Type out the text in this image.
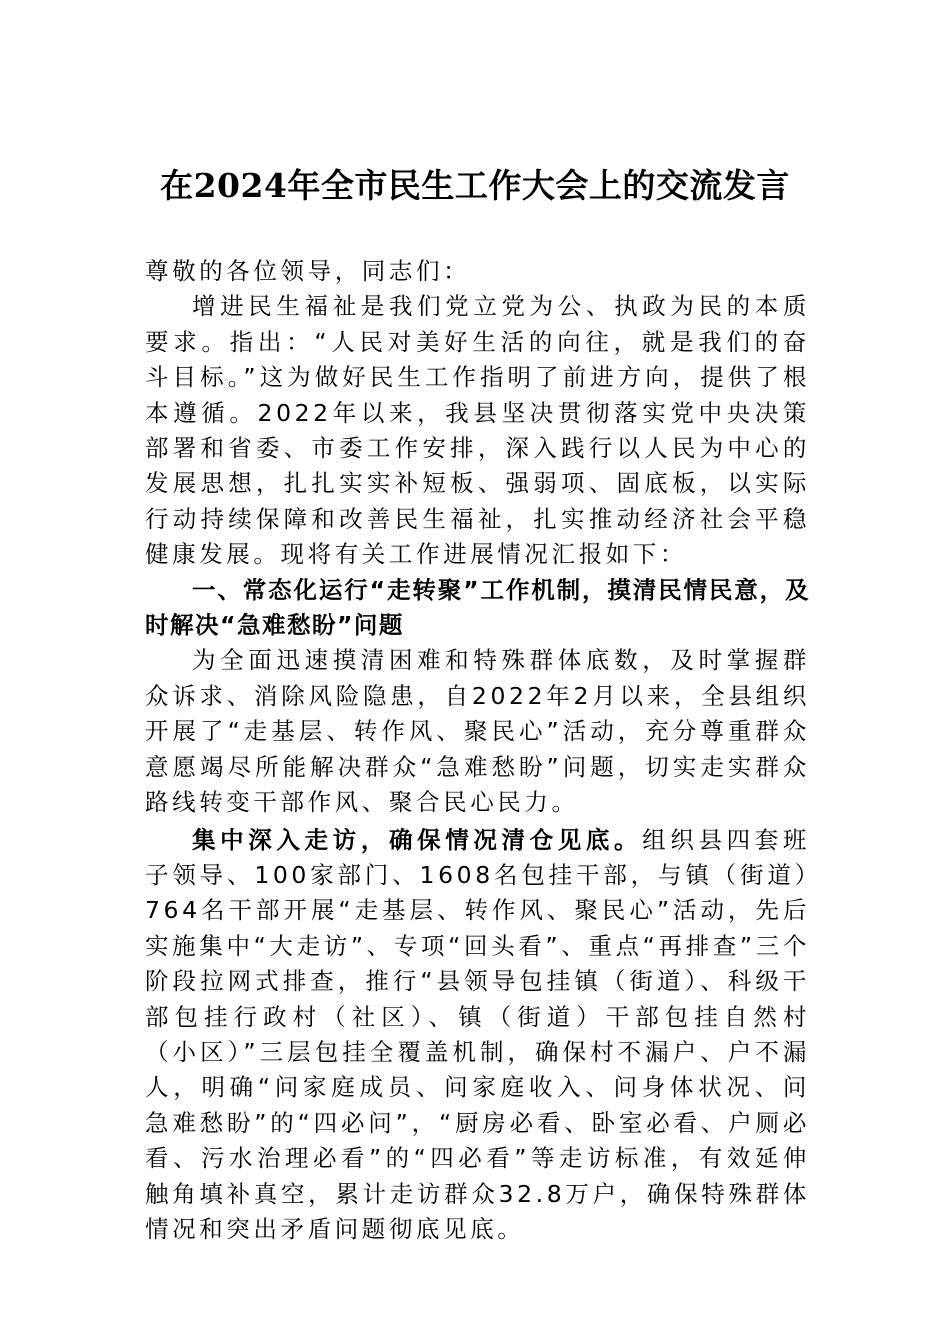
在2024年全市民生工作大会上的交流发言

尊敬的各位领导，同志们：

增进民生福祉是我们党立党为公、执政为民的本质要求。指出：“人民对美好生活的向往，就是我们的奋斗目标。”这为做好民生工作指明了前进方向，提供了根本遵循。2022年以来，我县坚决贯彻落实党中央决策部署和省委、市委工作安排，深入践行以人民为中心的发展思想，扎扎实实补短板、强弱项、固底板，以实际行动持续保障和改善民生福祉，扎实推动经济社会平稳健康发展。现将有关工作进展情况汇报如下：

一、常态化运行“走转聚”工作机制，摸清民情民意，及时解决“急难愁盼”问题

为全面迅速摸清困难和特殊群体底数，及时掌握群众诉求、消除风险隐患，自2022年2月以来，全县组织开展了“走基层、转作风、聚民心”活动，充分尊重群众意愿竭尽所能解决群众“急难愁盼”问题，切实走实群众路线转变干部作风、聚合民心民力。

集中深入走访，确保情况清仓见底。组织县四套班子领导、100家部门、1608名包挂干部，与镇（街道）764名干部开展“走基层、转作风、聚民心”活动，先后实施集中“大走访”、专项“回头看”、重点“再排查”三个阶段拉网式排查，推行“县领导包挂镇（街道）、科级干部包挂行政村（社区）、镇（街道）干部包挂自然村（小区）”三层包挂全覆盖机制，确保村不漏户、户不漏人，明确“问家庭成员、问家庭收入、问身体状况、问急难愁盼”的“四必问”，“厨房必看、卧室必看、户厕必看、污水治理必看”的“四必看”等走访标准，有效延伸触角填补真空，累计走访群众32.8万户，确保特殊群体情况和突出矛盾问题彻底见底。
